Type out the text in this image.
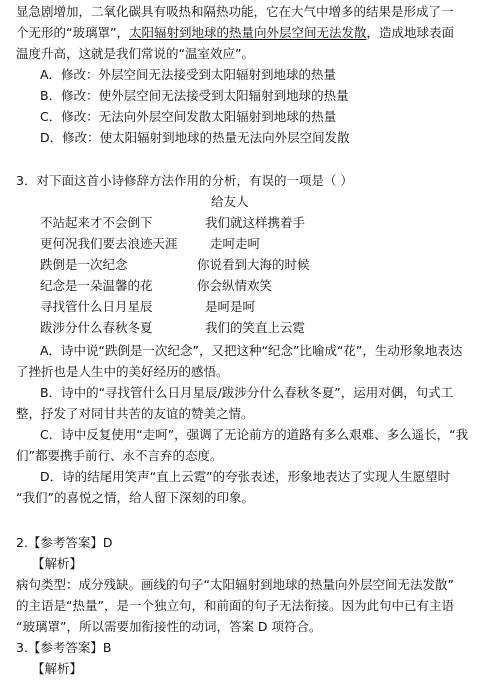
显急剧增加，二氧化碳具有吸热和隔热功能，它在大气中增多的结果是形成了一
个无形的“玻璃罩”，太阳辐射到地球的热量向外层空间无法发散，造成地球表面
温度升高，这就是我们常说的“温室效应”。
A．修改：外层空间无法接受到太阳辐射到地球的热量
B．修改：使外层空间无法接受到太阳辐射到地球的热量
C．修改：无法向外层空间发散太阳辐射到地球的热量
D．修改：使太阳辐射到地球的热量无法向外层空间发散
3．对下面这首小诗修辞方法作用的分析，有误的一项是（ ）
给友人
不站起来才不会倒下	我们就这样携着手
更何况我们要去浪迹天涯	走呵走呵
跌倒是一次纪念	你说看到大海的时候
纪念是一朵温馨的花	你会纵情欢笑
寻找管什么日月星辰	是呵是呵
跋涉分什么春秋冬夏	我们的笑直上云霓
A．诗中说“跌倒是一次纪念”，又把这种“纪念”比喻成“花”，生动形象地表达
了挫折也是人生中的美好经历的感悟。
B．诗中的“寻找管什么日月星辰/跋涉分什么春秋冬夏”，运用对偶，句式工
整，抒发了对同甘共苦的友谊的赞美之情。
C．诗中反复使用“走呵”，强调了无论前方的道路有多么艰难、多么遥长，“我
们”都要携手前行、永不言弃的态度。
D．诗的结尾用笑声“直上云霓”的夸张表述，形象地表达了实现人生愿望时
“我们”的喜悦之情，给人留下深刻的印象。
2.【参考答案】D
【解析】
病句类型：成分残缺。画线的句子“太阳辐射到地球的热量向外层空间无法发散”
的主语是“热量”，是一个独立句，和前面的句子无法衔接。因为此句中已有主语
“玻璃罩”，所以需要加衔接性的动词，答案 D 项符合。
3.【参考答案】B
【解析】
